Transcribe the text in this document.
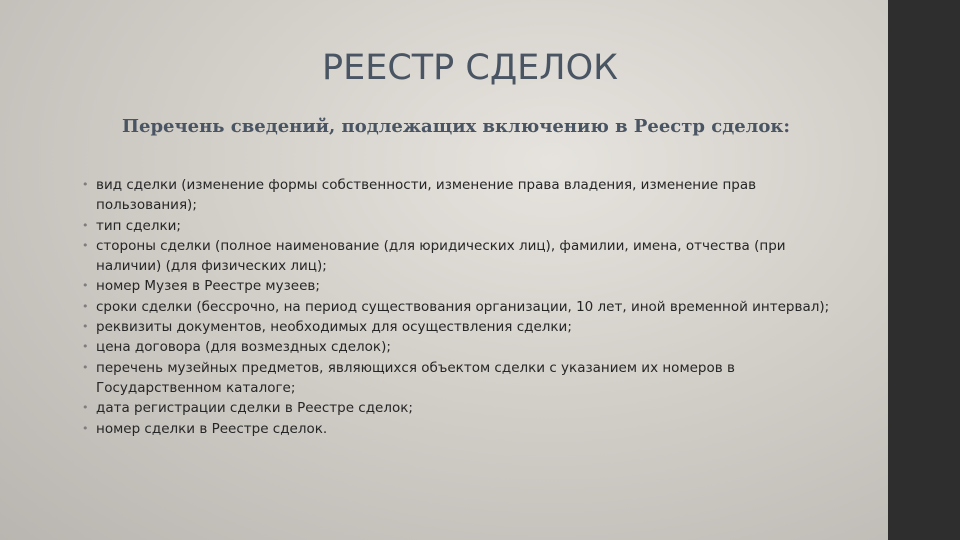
РЕЕСТР СДЕЛОК
Перечень сведений, подлежащих включению в Реестр сделок:
• вид сделки (изменение формы собственности, изменение права владения, изменение прав пользования);
• тип сделки;
• стороны сделки (полное наименование (для юридических лиц), фамилии, имена, отчества (при наличии) (для физических лиц);
• номер Музея в Реестре музеев;
• сроки сделки (бессрочно, на период существования организации, 10 лет, иной временной интервал);
• реквизиты документов, необходимых для осуществления сделки;
• цена договора (для возмездных сделок);
• перечень музейных предметов, являющихся объектом сделки с указанием их номеров в Государственном каталоге;
• дата регистрации сделки в Реестре сделок;
• номер сделки в Реестре сделок.
